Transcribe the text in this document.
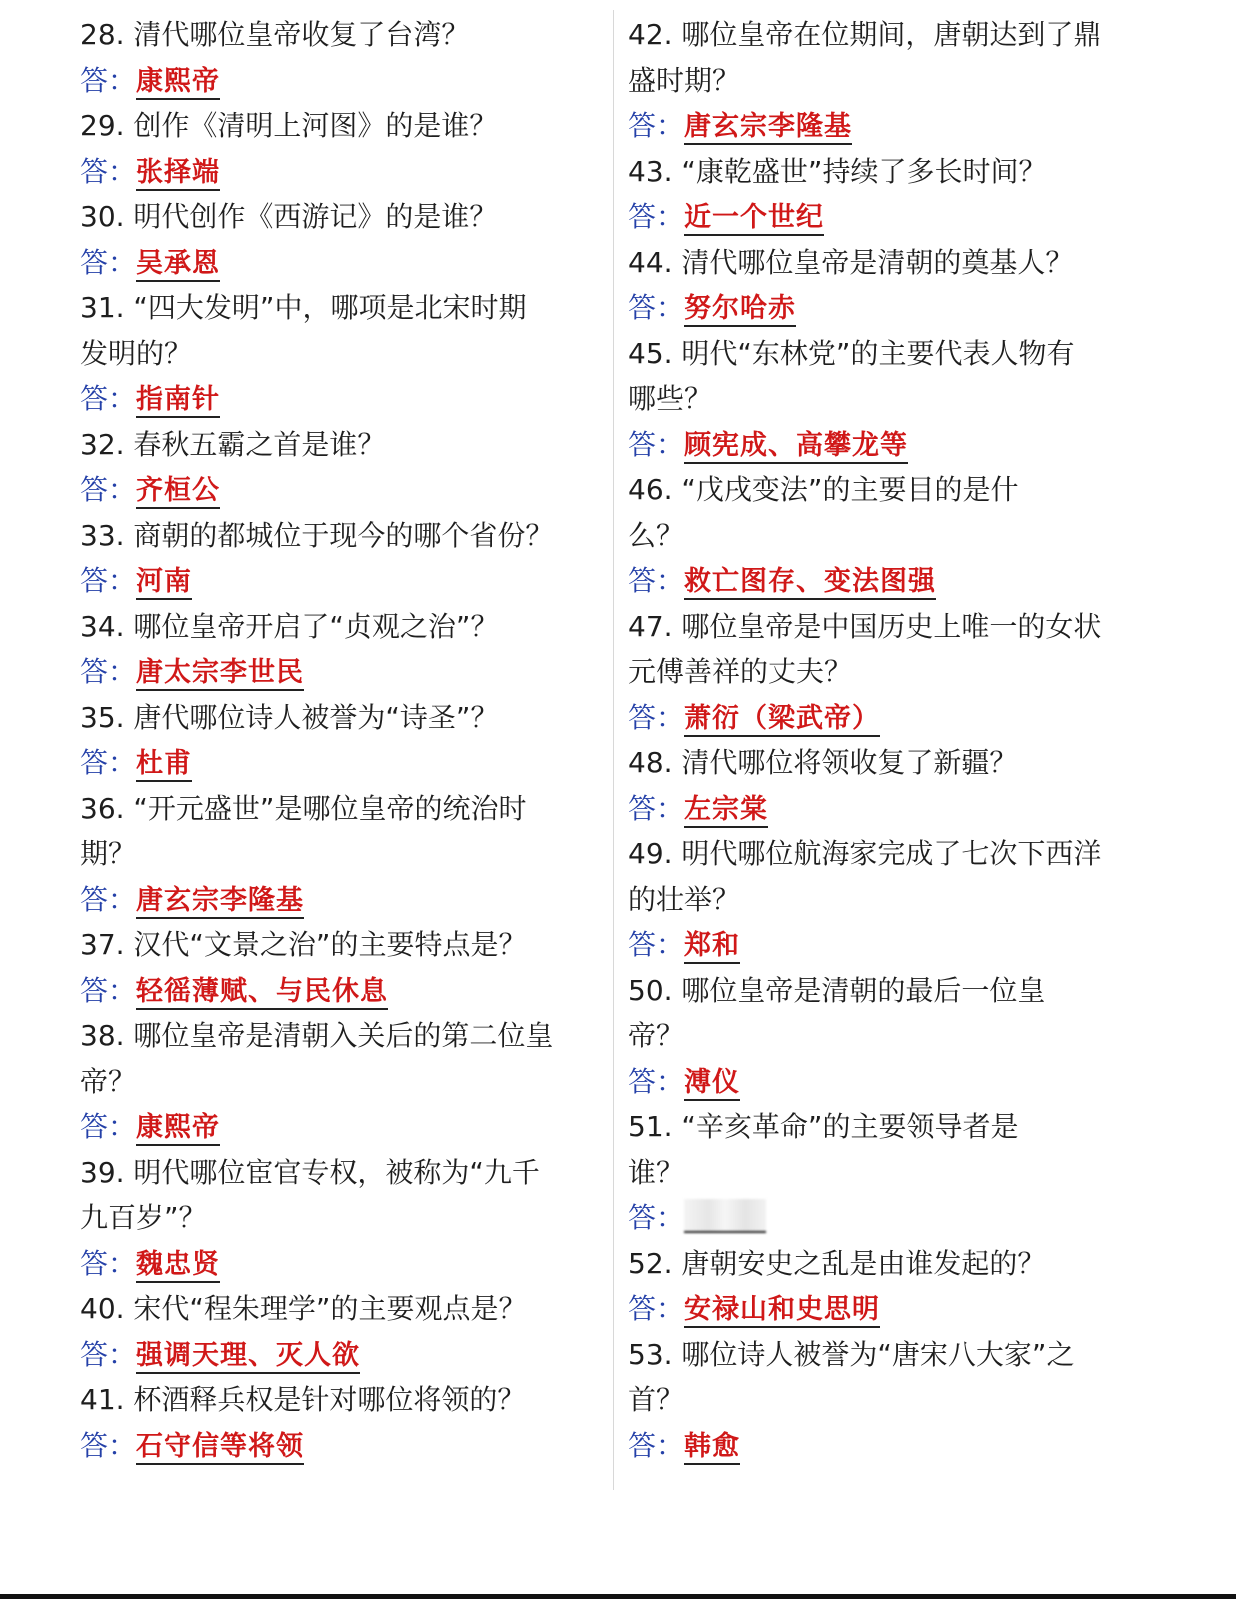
28. 清代哪位皇帝收复了台湾？
答：康熙帝
29. 创作《清明上河图》的是谁？
答：张择端
30. 明代创作《西游记》的是谁？
答：吴承恩
31. “四大发明”中，哪项是北宋时期
发明的？
答：指南针
32. 春秋五霸之首是谁？
答：齐桓公
33. 商朝的都城位于现今的哪个省份？
答：河南
34. 哪位皇帝开启了“贞观之治”？
答：唐太宗李世民
35. 唐代哪位诗人被誉为“诗圣”？
答：杜甫
36. “开元盛世”是哪位皇帝的统治时
期？
答：唐玄宗李隆基
37. 汉代“文景之治”的主要特点是？
答：轻徭薄赋、与民休息
38. 哪位皇帝是清朝入关后的第二位皇
帝？
答：康熙帝
39. 明代哪位宦官专权，被称为“九千
九百岁”？
答：魏忠贤
40. 宋代“程朱理学”的主要观点是？
答：强调天理、灭人欲
41. 杯酒释兵权是针对哪位将领的？
答：石守信等将领
42. 哪位皇帝在位期间，唐朝达到了鼎
盛时期？
答：唐玄宗李隆基
43. “康乾盛世”持续了多长时间？
答：近一个世纪
44. 清代哪位皇帝是清朝的奠基人？
答：努尔哈赤
45. 明代“东林党”的主要代表人物有
哪些？
答：顾宪成、高攀龙等
46. “戊戌变法”的主要目的是什
么？
答：救亡图存、变法图强
47. 哪位皇帝是中国历史上唯一的女状
元傅善祥的丈夫？
答：萧衍（梁武帝）
48. 清代哪位将领收复了新疆？
答：左宗棠
49. 明代哪位航海家完成了七次下西洋
的壮举？
答：郑和
50. 哪位皇帝是清朝的最后一位皇
帝？
答：溥仪
51. “辛亥革命”的主要领导者是
谁？
答：
52. 唐朝安史之乱是由谁发起的？
答：安禄山和史思明
53. 哪位诗人被誉为“唐宋八大家”之
首？
答：韩愈
